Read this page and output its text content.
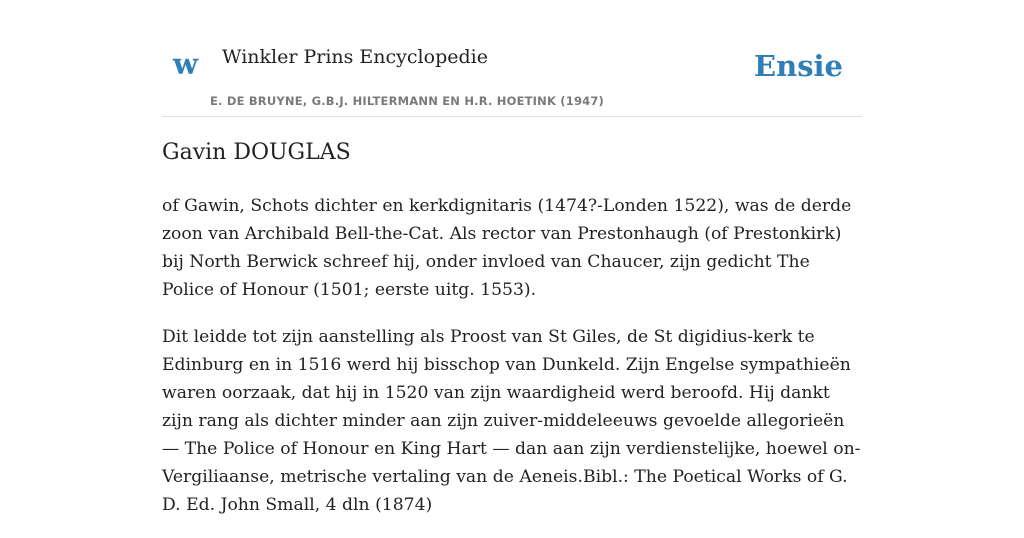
w Winkler Prins Encyclopedie
E. DE BRUYNE, G.B.J. HILTERMANN EN H.R. HOETINK (1947)
Ensie
Gavin DOUGLAS

of Gawin, Schots dichter en kerkdignitaris (1474?-Londen 1522), was de derde zoon van Archibald Bell-the-Cat. Als rector van Prestonhaugh (of Prestonkirk) bij North Berwick schreef hij, onder invloed van Chaucer, zijn gedicht The Police of Honour (1501; eerste uitg. 1553).

Dit leidde tot zijn aanstelling als Proost van St Giles, de St digidius-kerk te Edinburg en in 1516 werd hij bisschop van Dunkeld. Zijn Engelse sympathieën waren oorzaak, dat hij in 1520 van zijn waardigheid werd beroofd. Hij dankt zijn rang als dichter minder aan zijn zuiver-middeleeuws gevoelde allegorieën — The Police of Honour en King Hart — dan aan zijn verdienstelijke, hoewel on-Vergiliaanse, metrische vertaling van de Aeneis.Bibl.: The Poetical Works of G. D. Ed. John Small, 4 dln (1874)
